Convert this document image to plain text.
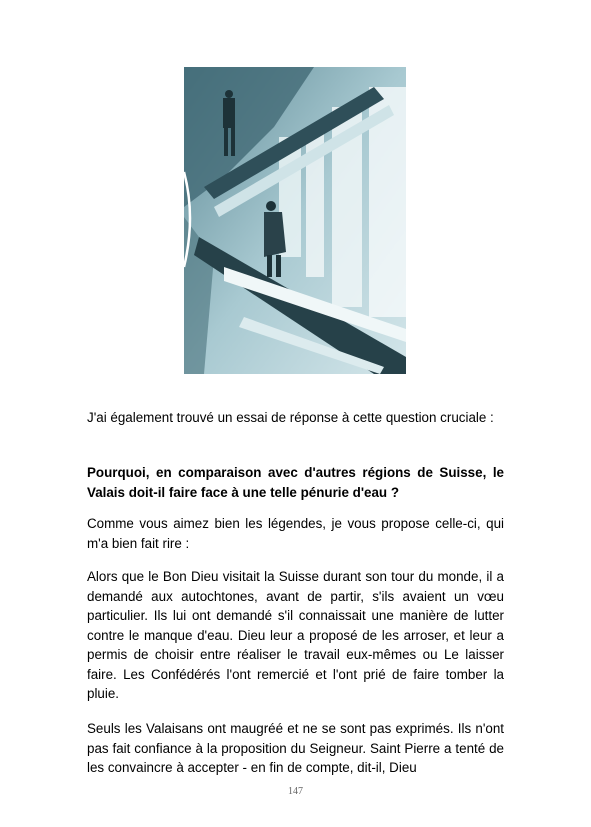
J'ai également trouvé un essai de réponse à cette question cruciale :
Pourquoi, en comparaison avec d'autres régions de Suisse, le Valais doit-il faire face à une telle pénurie d'eau ?
Comme vous aimez bien les légendes, je vous propose celle-ci, qui m'a bien fait rire :
Alors que le Bon Dieu visitait la Suisse durant son tour du monde, il a demandé aux autochtones, avant de partir, s'ils avaient un vœu particulier. Ils lui ont demandé s'il connaissait une manière de lutter contre le manque d'eau. Dieu leur a proposé de les arroser, et leur a permis de choisir entre réaliser le travail eux-mêmes ou Le laisser faire. Les Confédérés l'ont remercié et l'ont prié de faire tomber la pluie.
Seuls les Valaisans ont maugréé et ne se sont pas exprimés. Ils n'ont pas fait confiance à la proposition du Seigneur. Saint Pierre a tenté de les convaincre à accepter - en fin de compte, dit-il, Dieu
147
